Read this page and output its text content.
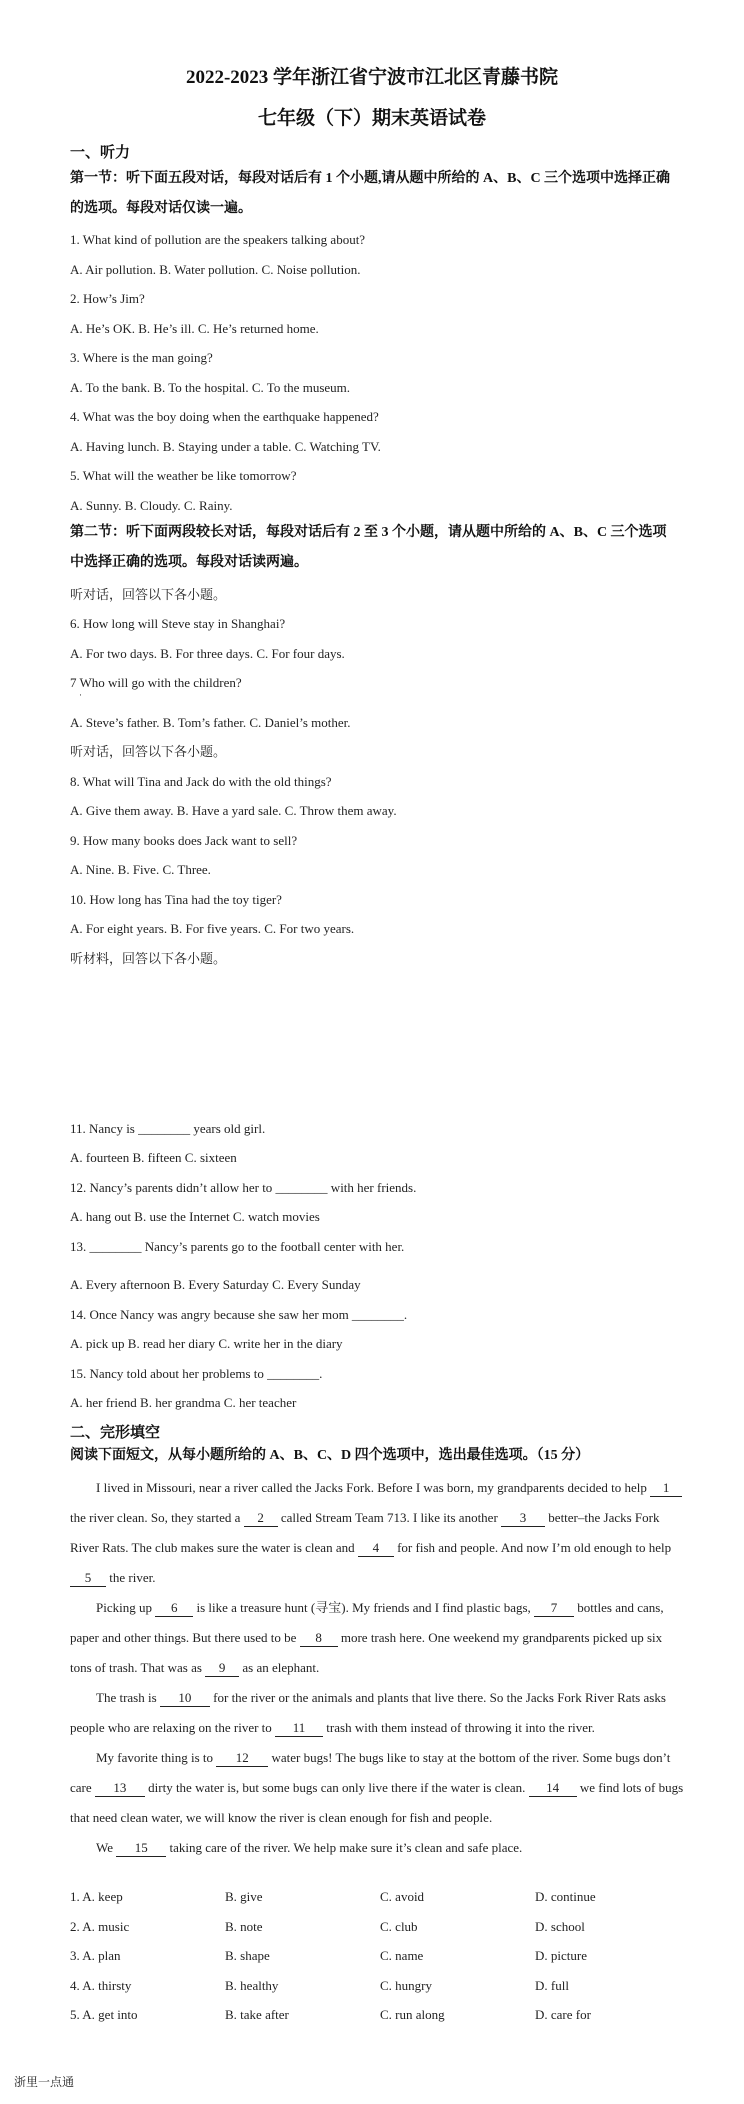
2022-2023 学年浙江省宁波市江北区青藤书院
七年级（下）期末英语试卷
一、听力
第一节：听下面五段对话，每段对话后有 1 个小题,请从题中所给的 A、B、C 三个选项中选择正确的选项。每段对话仅读一遍。
1. What kind of pollution are the speakers talking about?
A. Air pollution. B. Water pollution. C. Noise pollution.
2. How’s Jim?
A. He’s OK. B. He’s ill. C. He’s returned home.
3. Where is the man going?
A. To the bank. B. To the hospital. C. To the museum.
4. What was the boy doing when the earthquake happened?
A. Having lunch. B. Staying under a table. C. Watching TV.
5. What will the weather be like tomorrow?
A. Sunny. B. Cloudy. C. Rainy.
第二节：听下面两段较长对话，每段对话后有 2 至 3 个小题，请从题中所给的 A、B、C 三个选项中选择正确的选项。每段对话读两遍。
听对话，回答以下各小题。
6. How long will Steve stay in Shanghai?
A. For two days. B. For three days. C. For four days.
7 Who will go with the children?
·
A. Steve’s father. B. Tom’s father. C. Daniel’s mother.
听对话，回答以下各小题。
8. What will Tina and Jack do with the old things?
A. Give them away. B. Have a yard sale. C. Throw them away.
9. How many books does Jack want to sell?
A. Nine. B. Five. C. Three.
10. How long has Tina had the toy tiger?
A. For eight years. B. For five years. C. For two years.
听材料，回答以下各小题。
11. Nancy is ________ years old girl.
A. fourteen B. fifteen C. sixteen
12. Nancy’s parents didn’t allow her to ________ with her friends.
A. hang out B. use the Internet C. watch movies
13. ________ Nancy’s parents go to the football center with her.
A. Every afternoon B. Every Saturday C. Every Sunday
14. Once Nancy was angry because she saw her mom ________.
A. pick up B. read her diary C. write her in the diary
15. Nancy told about her problems to ________.
A. her friend B. her grandma C. her teacher
二、完形填空
阅读下面短文，从每小题所给的 A、B、C、D 四个选项中，选出最佳选项。（15 分）
I lived in Missouri, near a river called the Jacks Fork. Before I was born, my grandparents decided to help 1 the river clean. So, they started a 2 called Stream Team 713. I like its another 3 better–the Jacks Fork River Rats. The club makes sure the water is clean and 4 for fish and people. And now I’m old enough to help 5 the river.
Picking up 6 is like a treasure hunt (寻宝). My friends and I find plastic bags, 7 bottles and cans, paper and other things. But there used to be 8 more trash here. One weekend my grandparents picked up six tons of trash. That was as 9 as an elephant.
The trash is 10 for the river or the animals and plants that live there. So the Jacks Fork River Rats asks people who are relaxing on the river to 11 trash with them instead of throwing it into the river.
My favorite thing is to 12 water bugs! The bugs like to stay at the bottom of the river. Some bugs don’t care 13 dirty the water is, but some bugs can only live there if the water is clean. 14 we find lots of bugs that need clean water, we will know the river is clean enough for fish and people.
We 15 taking care of the river. We help make sure it’s clean and safe place.
1. A. keep	B. give	C. avoid	D. continue
2. A. music	B. note	C. club	D. school
3. A. plan	B. shape	C. name	D. picture
4. A. thirsty	B. healthy	C. hungry	D. full
5. A. get into	B. take after	C. run along	D. care for
浙里一点通
